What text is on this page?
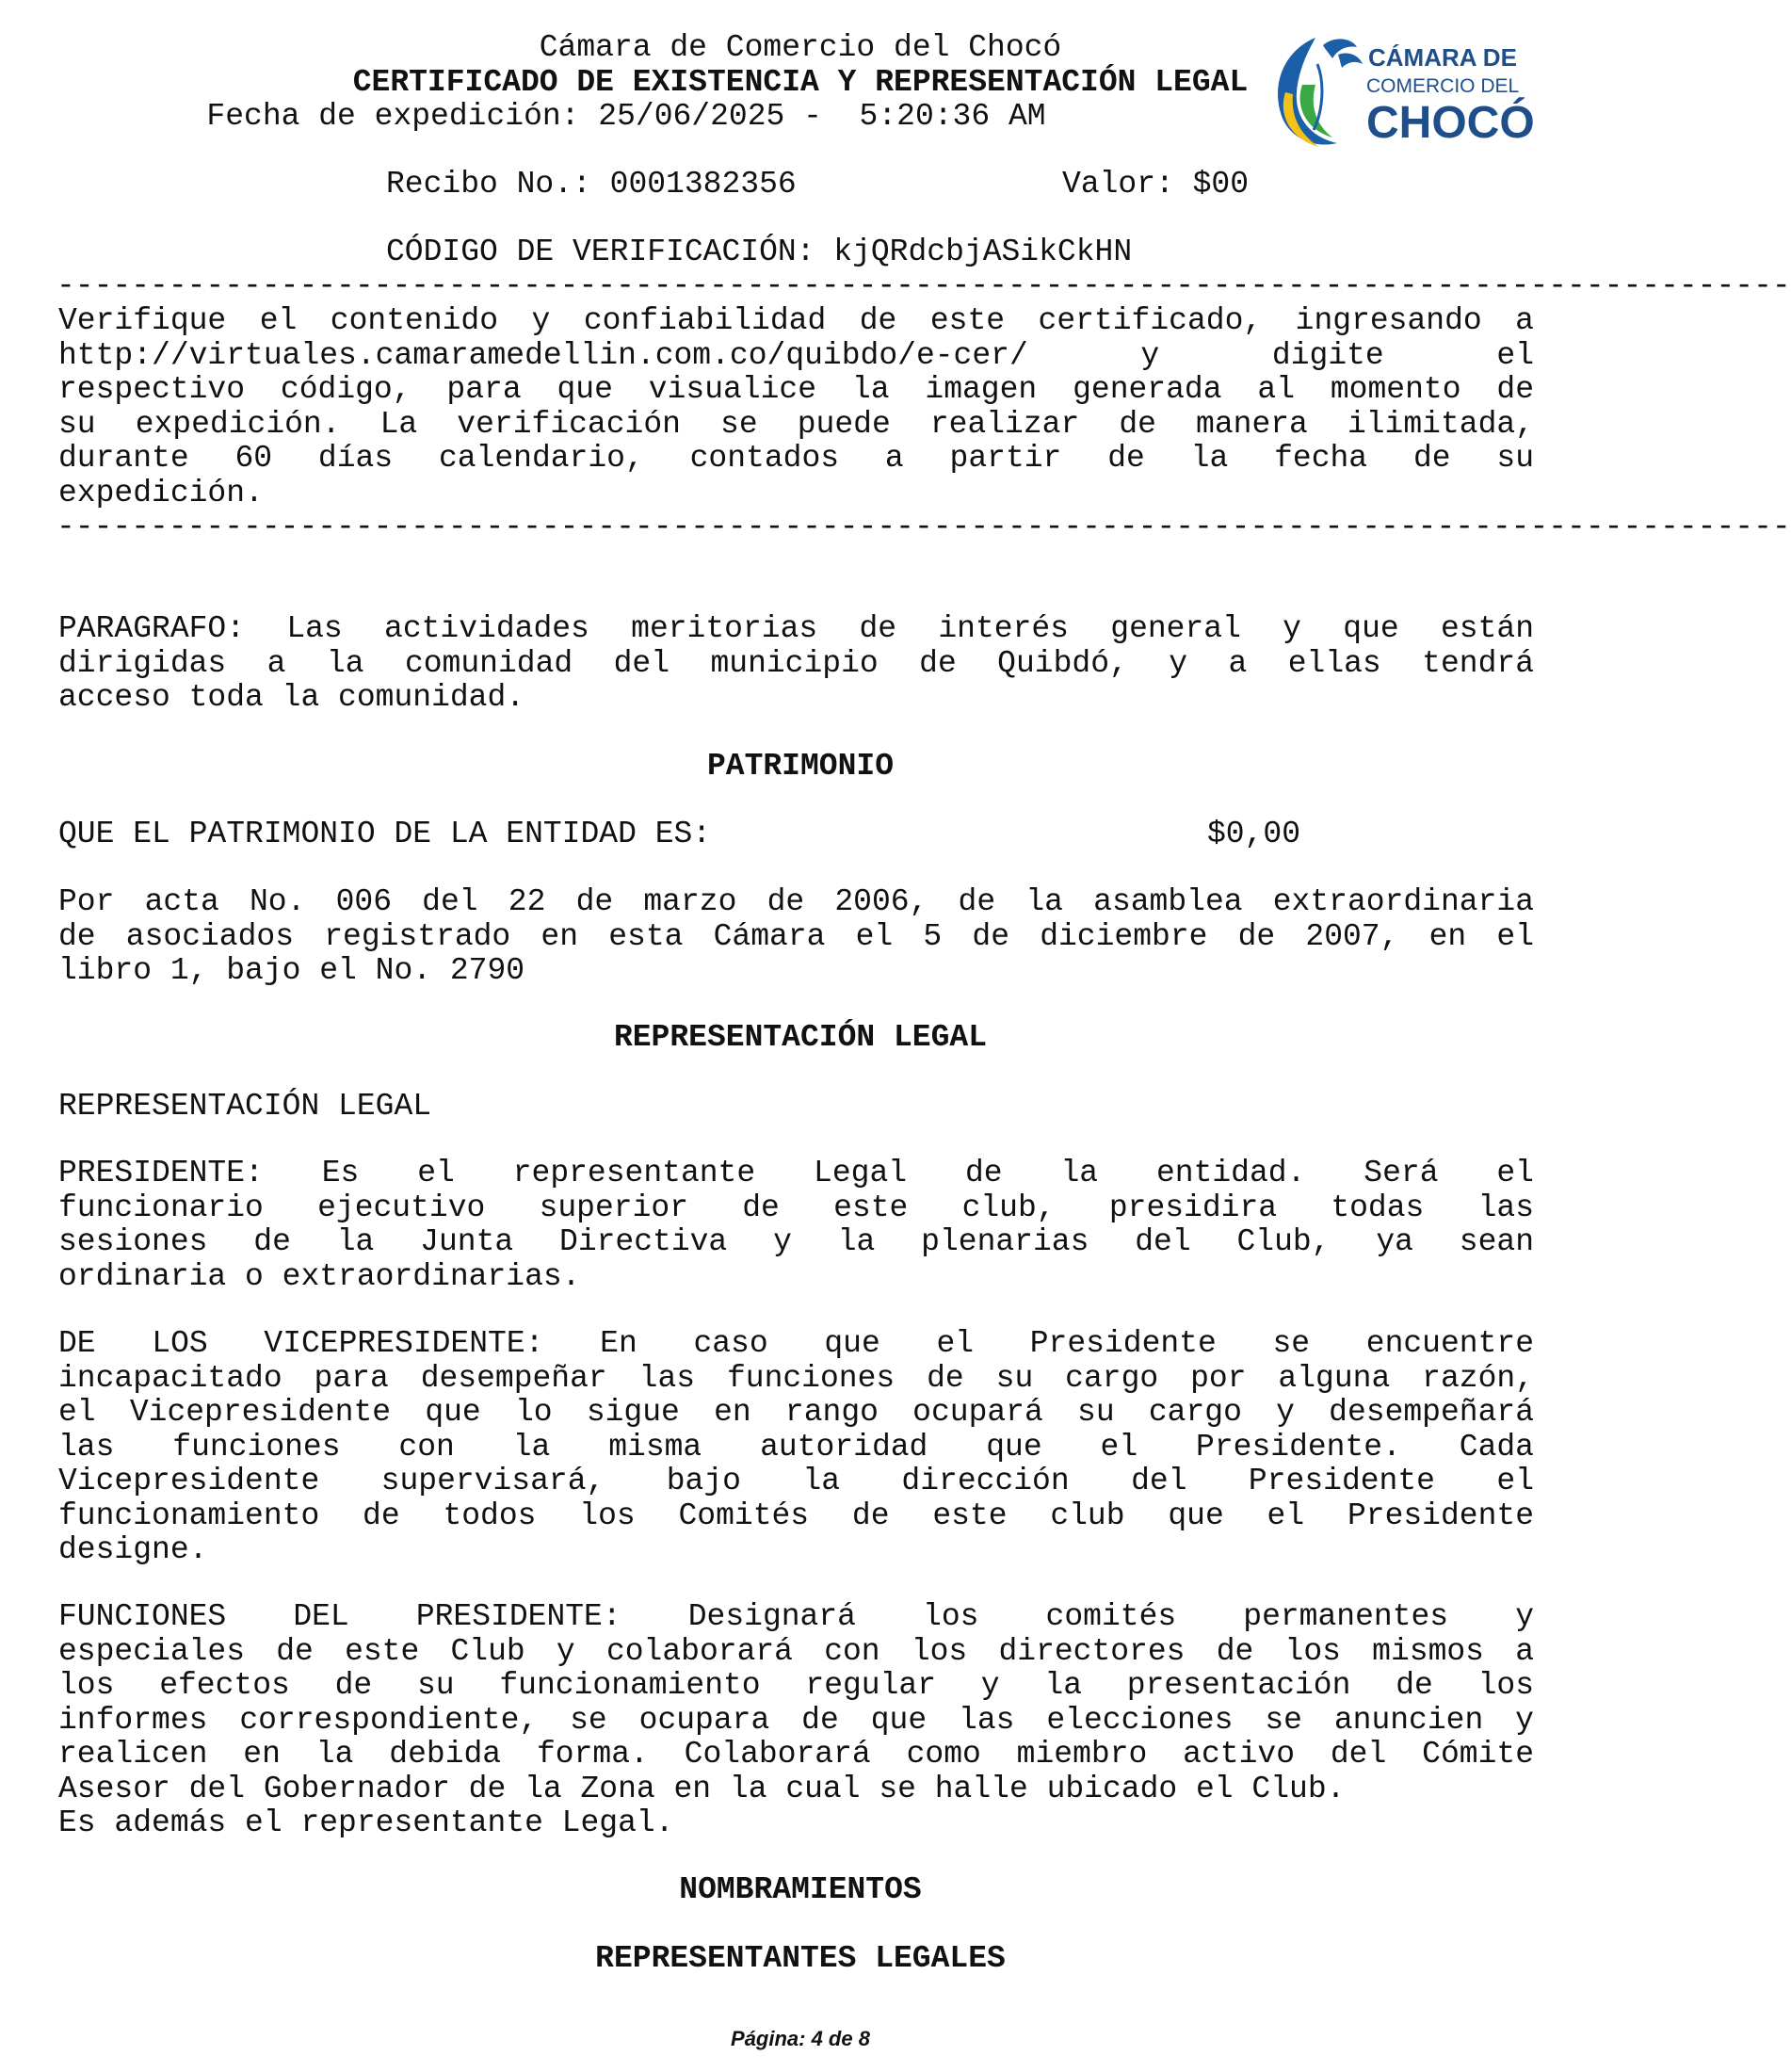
Cámara de Comercio del Chocó
CERTIFICADO DE EXISTENCIA Y REPRESENTACIÓN LEGAL
Fecha de expedición: 25/06/2025 -  5:20:36 AM
Recibo No.: 0001382356	Valor: $00
CÓDIGO DE VERIFICACIÓN: kjQRdcbjASikCkHN
CÁMARA DE
COMERCIO DEL
CHOCÓ
---------------------------------------------------------------------------------------------

Verifique el contenido y confiabilidad de este certificado, ingresando a
http://virtuales.camaramedellin.com.co/quibdo/e-cer/ y digite el
respectivo código, para que visualice la imagen generada al momento de
su expedición. La verificación se puede realizar de manera ilimitada,
durante 60 días calendario, contados a partir de la fecha de su
expedición.

---------------------------------------------------------------------------------------------

PARAGRAFO: Las actividades meritorias de interés general y que están
dirigidas a la comunidad del municipio de Quibdó, y a ellas tendrá
acceso toda la comunidad.

PATRIMONIO
QUE EL PATRIMONIO DE LA ENTIDAD ES:	$0,00

Por acta No. 006 del 22 de marzo de 2006, de la asamblea extraordinaria
de asociados registrado en esta Cámara el 5 de diciembre de 2007, en el
libro 1, bajo el No. 2790

REPRESENTACIÓN LEGAL
REPRESENTACIÓN LEGAL

PRESIDENTE: Es el representante Legal de la entidad. Será el
funcionario ejecutivo superior de este club, presidira todas las
sesiones de la Junta Directiva y la plenarias del Club, ya sean
ordinaria o extraordinarias.

DE LOS VICEPRESIDENTE: En caso que el Presidente se encuentre
incapacitado para desempeñar las funciones de su cargo por alguna razón,
el Vicepresidente que lo sigue en rango ocupará su cargo y desempeñará
las funciones con la misma autoridad que el Presidente. Cada
Vicepresidente supervisará, bajo la dirección del Presidente el
funcionamiento de todos los Comités de este club que el Presidente
designe.

FUNCIONES DEL PRESIDENTE: Designará los comités permanentes y
especiales de este Club y colaborará con los directores de los mismos a
los efectos de su funcionamiento regular y la presentación de los
informes correspondiente, se ocupara de que las elecciones se anuncien y
realicen en la debida forma. Colaborará como miembro activo del Cómite
Asesor del Gobernador de la Zona en la cual se halle ubicado el Club.
Es además el representante Legal.

NOMBRAMIENTOS
REPRESENTANTES LEGALES
Página: 4 de 8
